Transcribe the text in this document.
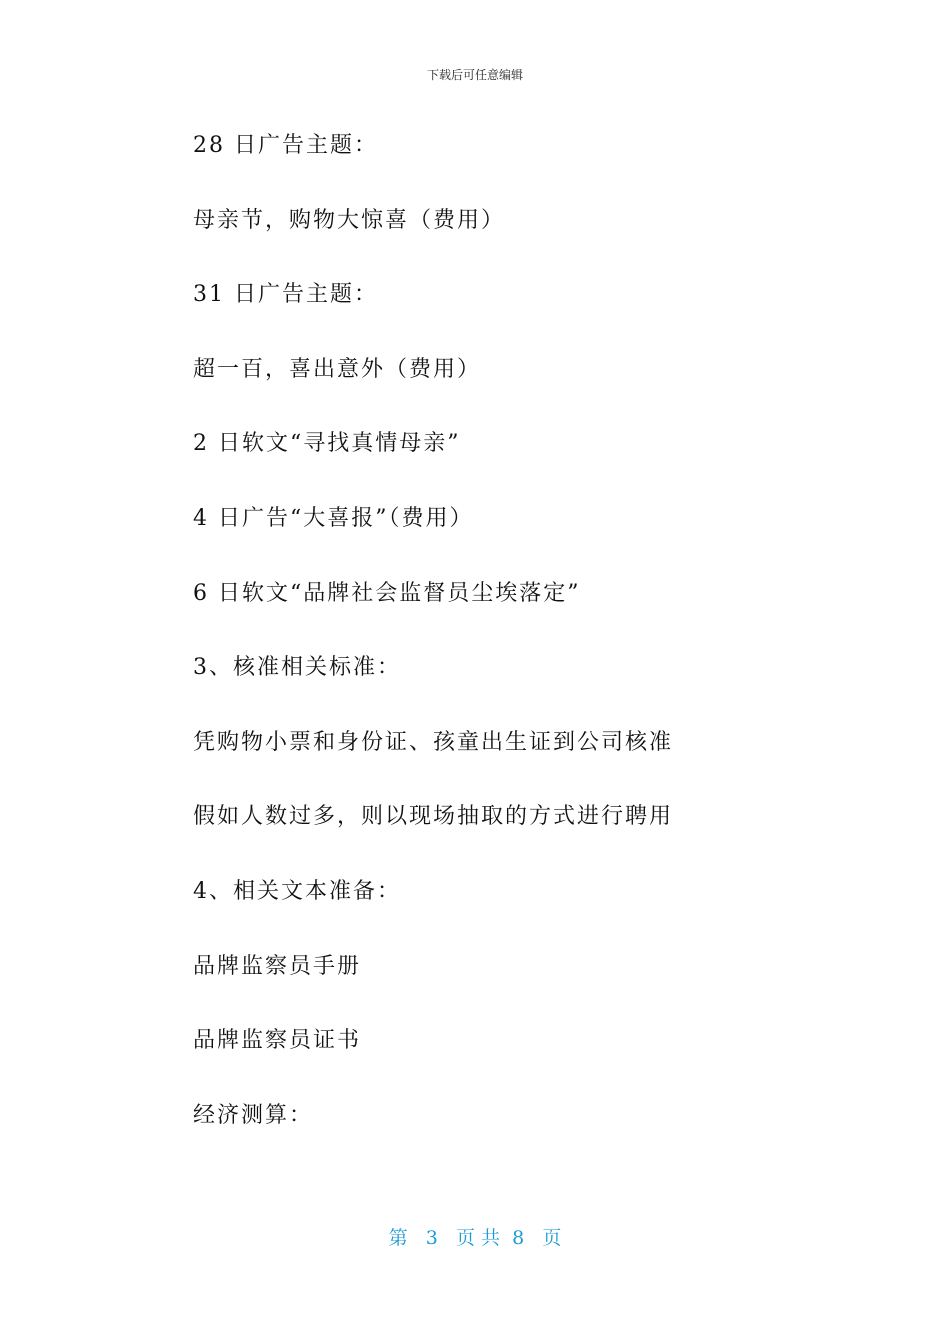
下载后可任意编辑
28 日广告主题：
母亲节，购物大惊喜（费用）
31 日广告主题：
超一百，喜出意外（费用）
2 日软文“寻找真情母亲”
4 日广告“大喜报”（费用）
6 日软文“品牌社会监督员尘埃落定”
3、核准相关标准：
凭购物小票和身份证、孩童出生证到公司核准
假如人数过多，则以现场抽取的方式进行聘用
4、相关文本准备：
品牌监察员手册
品牌监察员证书
经济测算：
第 3 页 共 8 页
